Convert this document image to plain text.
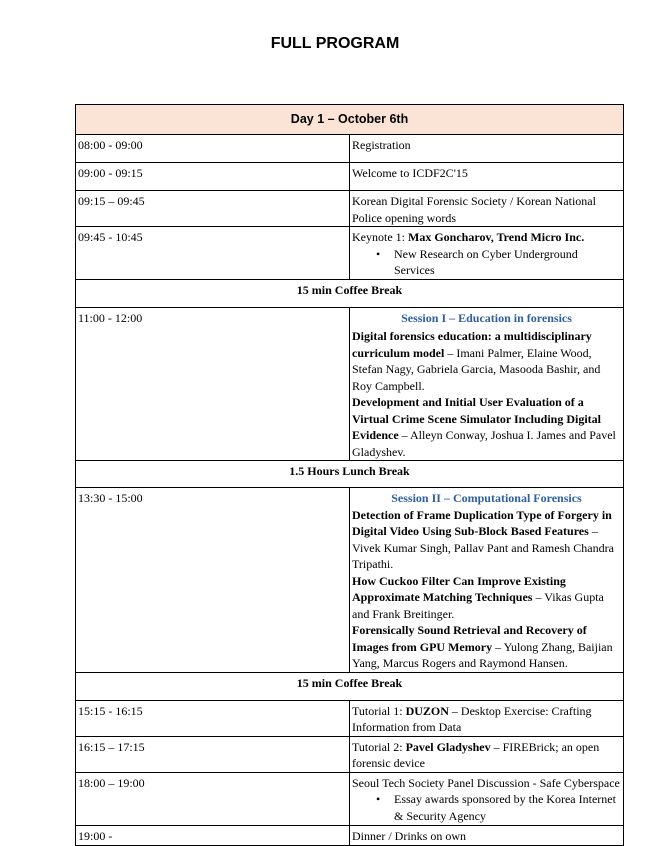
FULL PROGRAM
Day 1 – October 6th	
08:00 - 09:00	Registration
09:00 - 09:15	Welcome to ICDF2C'15
09:15 – 09:45	Korean Digital Forensic Society / Korean National Police opening words
09:45 - 10:45	Keynote 1: Max Goncharov, Trend Micro Inc.
• New Research on Cyber Underground Services

15 min Coffee Break	
11:00 - 12:00	Session I – Education in forensics
Digital forensics education: a multidisciplinary curriculum model – Imani Palmer, Elaine Wood, Stefan Nagy, Gabriela Garcia, Masooda Bashir, and Roy Campbell.
Development and Initial User Evaluation of a Virtual Crime Scene Simulator Including Digital Evidence – Alleyn Conway, Joshua I. James and Pavel Gladyshev.

1.5 Hours Lunch Break	
13:30 - 15:00	Session II – Computational Forensics
Detection of Frame Duplication Type of Forgery in Digital Video Using Sub-Block Based Features – Vivek Kumar Singh, Pallav Pant and Ramesh Chandra Tripathi.
How Cuckoo Filter Can Improve Existing Approximate Matching Techniques – Vikas Gupta and Frank Breitinger.
Forensically Sound Retrieval and Recovery of Images from GPU Memory – Yulong Zhang, Baijian Yang, Marcus Rogers and Raymond Hansen.

15 min Coffee Break	
15:15 - 16:15	Tutorial 1: DUZON – Desktop Exercise: Crafting Information from Data
16:15 – 17:15	Tutorial 2: Pavel Gladyshev – FIREBrick; an open forensic device
18:00 – 19:00	Seoul Tech Society Panel Discussion - Safe Cyberspace
• Essay awards sponsored by the Korea Internet & Security Agency

19:00 -	Dinner / Drinks on own
